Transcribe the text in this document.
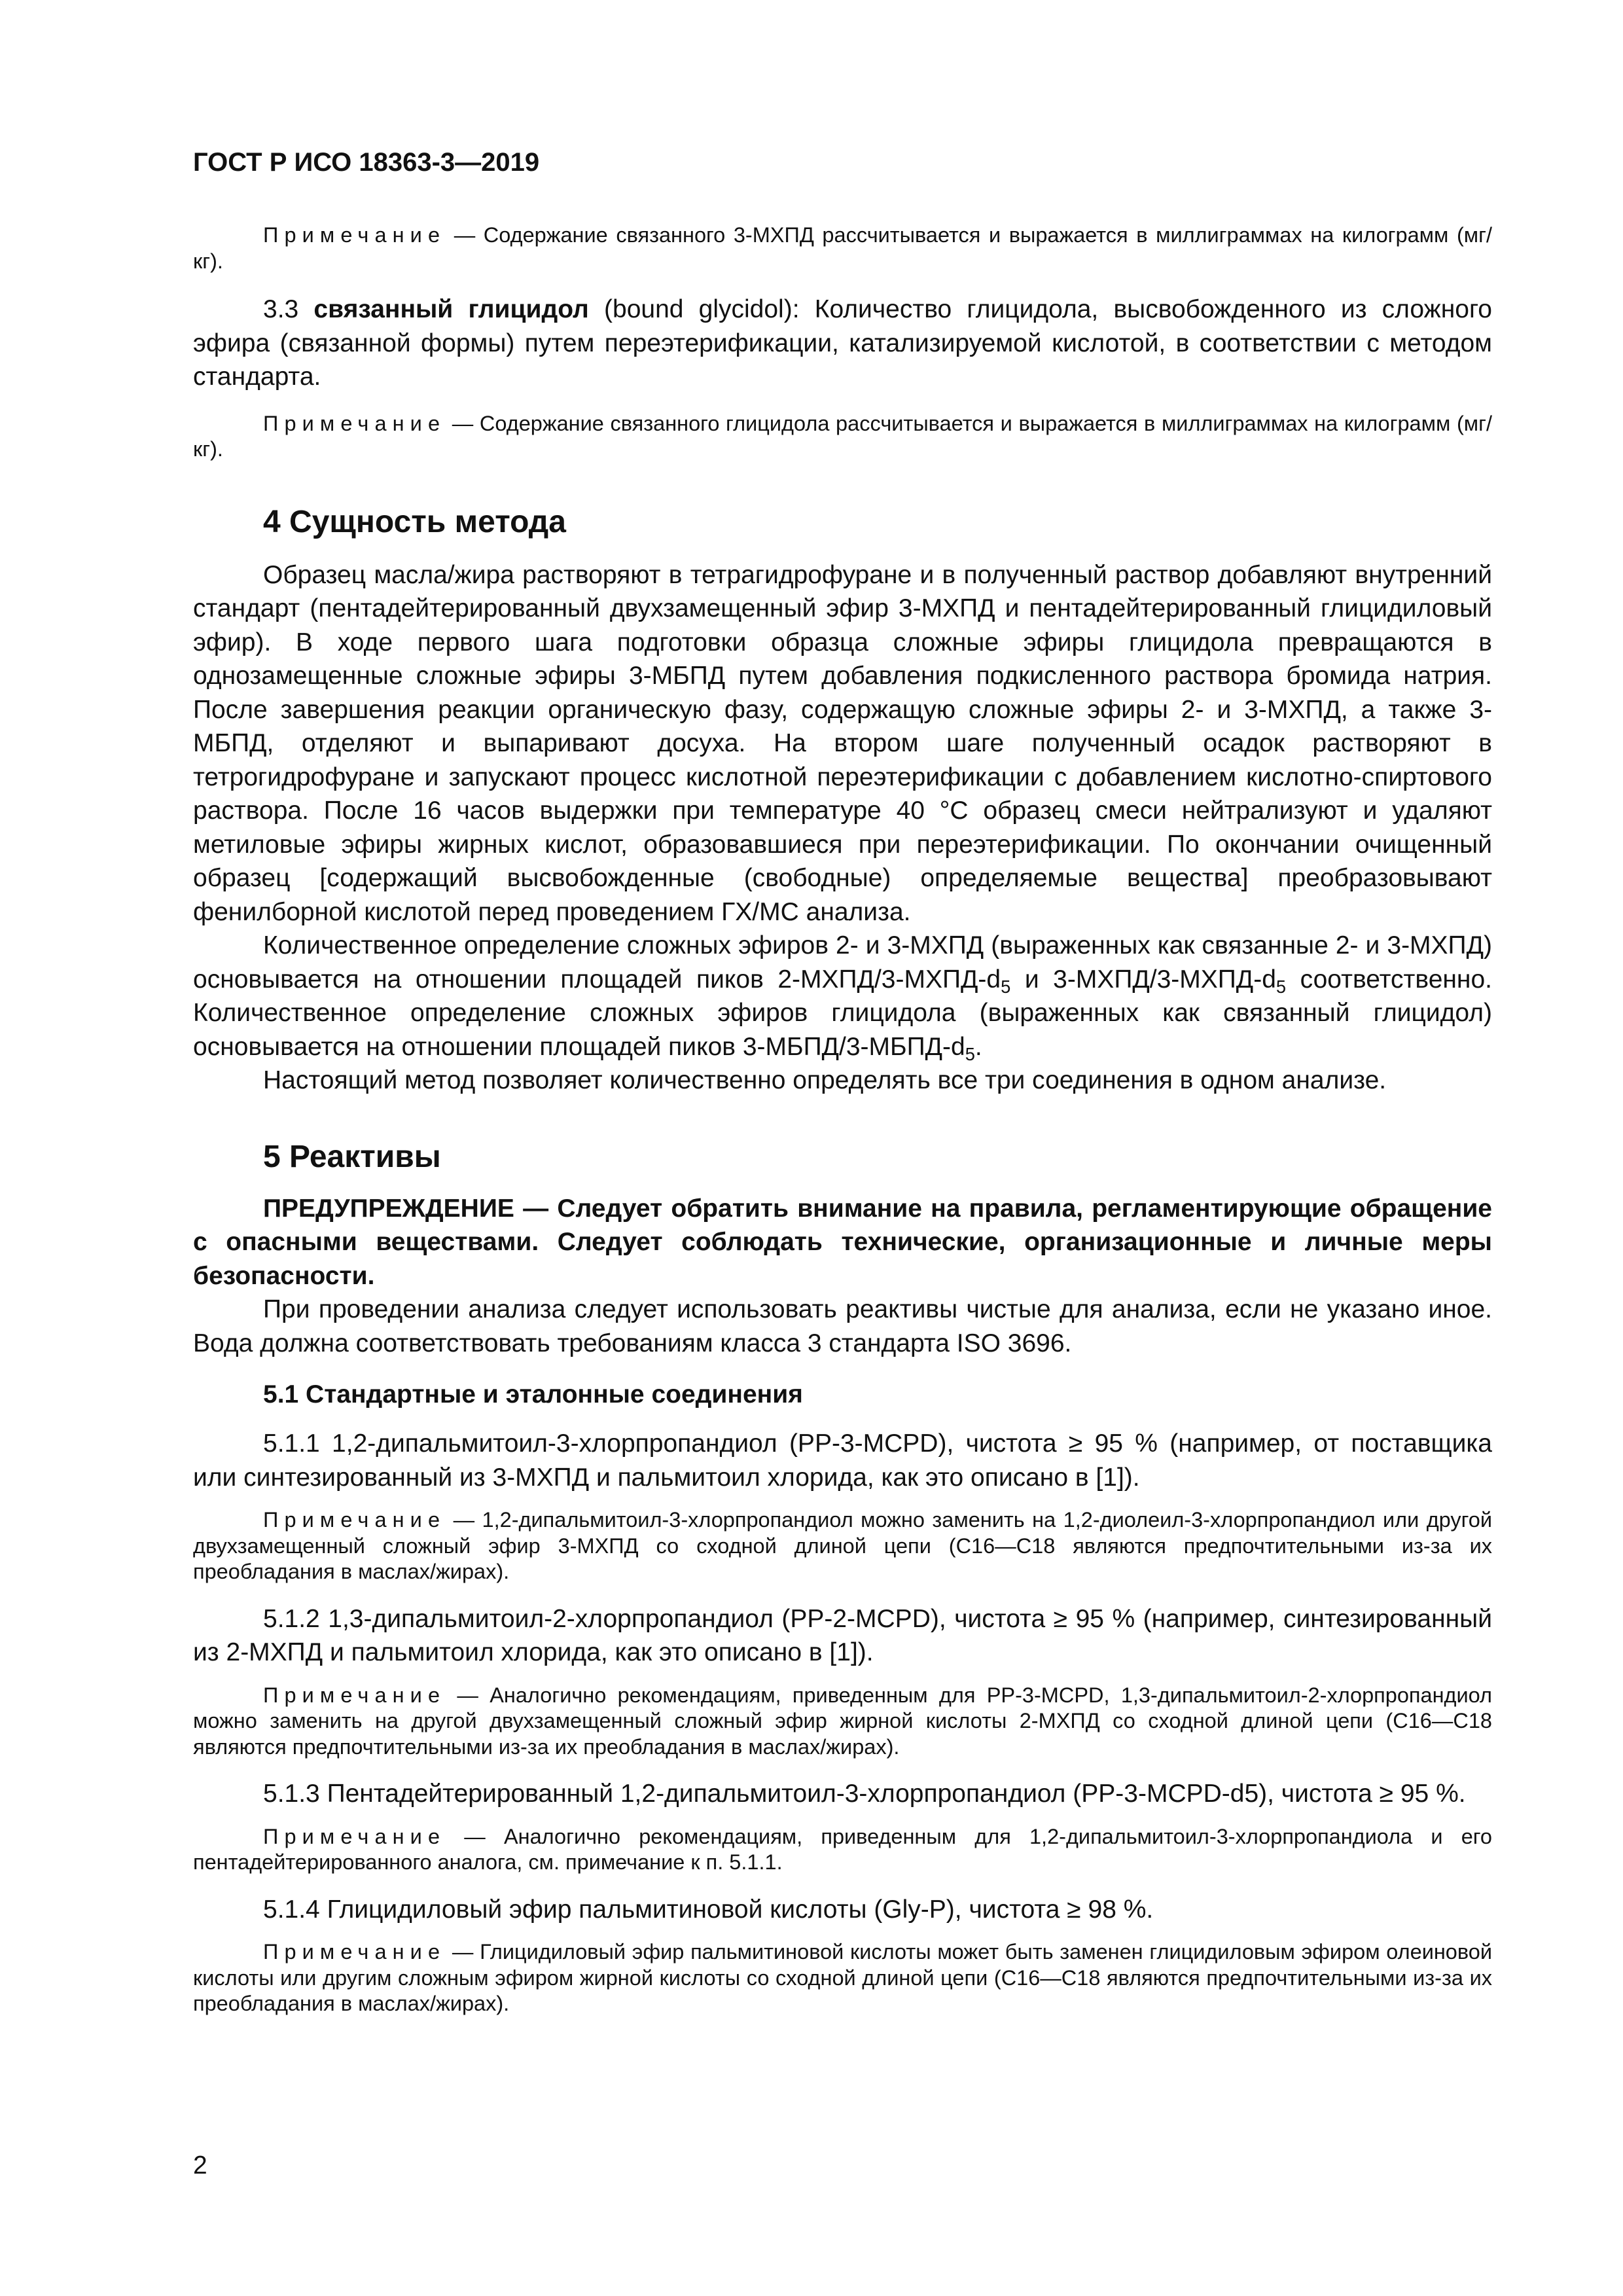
ГОСТ Р ИСО 18363-3—2019

Примечание — Содержание связанного 3-МХПД рассчитывается и выражается в миллиграммах на килограмм (мг/кг).

3.3 связанный глицидол (bound glycidol): Количество глицидола, высвобожденного из сложного эфира (связанной формы) путем переэтерификации, катализируемой кислотой, в соответствии с методом стандарта.

Примечание — Содержание связанного глицидола рассчитывается и выражается в миллиграммах на килограмм (мг/кг).

4 Сущность метода

Образец масла/жира растворяют в тетрагидрофуране и в полученный раствор добавляют внутренний стандарт (пентадейтерированный двухзамещенный эфир 3-МХПД и пентадейтерированный глицидиловый эфир). В ходе первого шага подготовки образца сложные эфиры глицидола превращаются в однозамещенные сложные эфиры 3-МБПД путем добавления подкисленного раствора бромида натрия. После завершения реакции органическую фазу, содержащую сложные эфиры 2- и 3-МХПД, а также 3-МБПД, отделяют и выпаривают досуха. На втором шаге полученный осадок растворяют в тетрогидрофуране и запускают процесс кислотной переэтерификации с добавлением кислотно-спиртового раствора. После 16 часов выдержки при температуре 40 °С образец смеси нейтрализуют и удаляют метиловые эфиры жирных кислот, образовавшиеся при переэтерификации. По окончании очищенный образец [содержащий высвобожденные (свободные) определяемые вещества] преобразовывают фенилборной кислотой перед проведением ГХ/МС анализа.

Количественное определение сложных эфиров 2- и 3-МХПД (выраженных как связанные 2- и 3-МХПД) основывается на отношении площадей пиков $2-МХПД/3-МХПД-d_5$ и $3-МХПД/3-МХПД-d_5$ соответственно. Количественное определение сложных эфиров глицидола (выраженных как связанный глицидол) основывается на отношении площадей пиков $3-МБПД/3-МБПД-d_5$.

Настоящий метод позволяет количественно определять все три соединения в одном анализе.

5 Реактивы

ПРЕДУПРЕЖДЕНИЕ — Следует обратить внимание на правила, регламентирующие обращение с опасными веществами. Следует соблюдать технические, организационные и личные меры безопасности.

При проведении анализа следует использовать реактивы чистые для анализа, если не указано иное. Вода должна соответствовать требованиям класса 3 стандарта ISO 3696.

5.1 Стандартные и эталонные соединения

5.1.1 1,2-дипальмитоил-3-хлорпропандиол (РР-3-МСРD), чистота ≥ 95 % (например, от поставщика или синтезированный из 3-МХПД и пальмитоил хлорида, как это описано в [1]).

Примечание — 1,2-дипальмитоил-3-хлорпропандиол можно заменить на 1,2-диолеил-3-хлорпропандиол или другой двухзамещенный сложный эфир 3-МХПД со сходной длиной цепи (С16—С18 являются предпочтительными из-за их преобладания в маслах/жирах).

5.1.2 1,3-дипальмитоил-2-хлорпропандиол (РР-2-МСРD), чистота ≥ 95 % (например, синтезированный из 2-МХПД и пальмитоил хлорида, как это описано в [1]).

Примечание — Аналогично рекомендациям, приведенным для РР-3-МСРD, 1,3-дипальмитоил-2-хлорпропандиол можно заменить на другой двухзамещенный сложный эфир жирной кислоты 2-МХПД со сходной длиной цепи (С16—С18 являются предпочтительными из-за их преобладания в маслах/жирах).

5.1.3 Пентадейтерированный 1,2-дипальмитоил-3-хлорпропандиол (РР-3-МСРD-d5), чистота ≥ 95 %.

Примечание — Аналогично рекомендациям, приведенным для 1,2-дипальмитоил-3-хлорпропандиола и его пентадейтерированного аналога, см. примечание к п. 5.1.1.

5.1.4 Глицидиловый эфир пальмитиновой кислоты (Gly-P), чистота ≥ 98 %.

Примечание — Глицидиловый эфир пальмитиновой кислоты может быть заменен глицидиловым эфиром олеиновой кислоты или другим сложным эфиром жирной кислоты со сходной длиной цепи (С16—С18 являются предпочтительными из-за их преобладания в маслах/жирах).

2
